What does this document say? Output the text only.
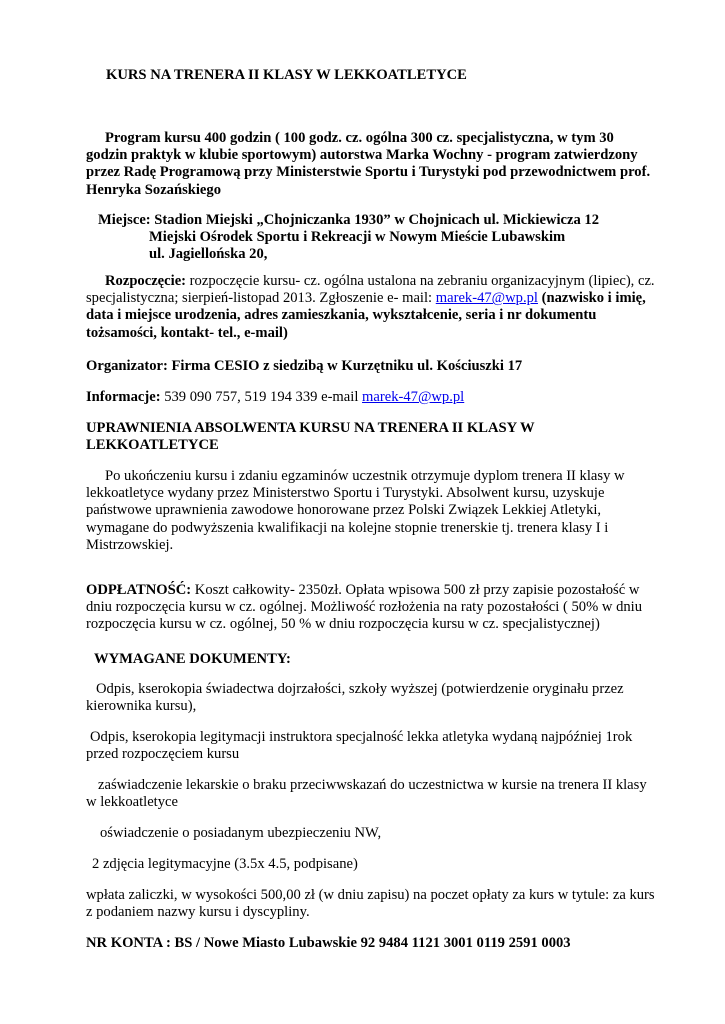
KURS NA TRENERA II KLASY W LEKKOATLETYCE

Program kursu 400 godzin ( 100 godz. cz. ogólna 300 cz. specjalistyczna, w tym 30 godzin praktyk w klubie sportowym) autorstwa Marka Wochny - program zatwierdzony przez Radę Programową przy Ministerstwie Sportu i Turystyki pod przewodnictwem prof. Henryka Sozańskiego

Miejsce: Stadion Miejski „Chojniczanka 1930” w Chojnicach ul. Mickiewicza 12
Miejski Ośrodek Sportu i Rekreacji w Nowym Mieście Lubawskim
ul. Jagiellońska 20,

Rozpoczęcie: rozpoczęcie kursu- cz. ogólna ustalona na zebraniu organizacyjnym (lipiec), cz. specjalistyczna; sierpień-listopad 2013. Zgłoszenie e- mail: marek-47@wp.pl (nazwisko i imię, data i miejsce urodzenia, adres zamieszkania, wykształcenie, seria i nr dokumentu tożsamości, kontakt- tel., e-mail)

Organizator: Firma CESIO z siedzibą w Kurzętniku ul. Kościuszki 17

Informacje: 539 090 757, 519 194 339 e-mail marek-47@wp.pl

UPRAWNIENIA ABSOLWENTA KURSU NA TRENERA II KLASY W LEKKOATLETYCE

Po ukończeniu kursu i zdaniu egzaminów uczestnik otrzymuje dyplom trenera II klasy w lekkoatletyce wydany przez Ministerstwo Sportu i Turystyki. Absolwent kursu, uzyskuje państwowe uprawnienia zawodowe honorowane przez Polski Związek Lekkiej Atletyki, wymagane do podwyższenia kwalifikacji na kolejne stopnie trenerskie tj. trenera klasy I i Mistrzowskiej.

ODPŁATNOŚĆ: Koszt całkowity- 2350zł. Opłata wpisowa 500 zł przy zapisie pozostałość w dniu rozpoczęcia kursu w cz. ogólnej. Możliwość rozłożenia na raty pozostałości ( 50% w dniu rozpoczęcia kursu w cz. ogólnej, 50 % w dniu rozpoczęcia kursu w cz. specjalistycznej)

WYMAGANE DOKUMENTY:

Odpis, kserokopia świadectwa dojrzałości, szkoły wyższej (potwierdzenie oryginału przez kierownika kursu),

Odpis, kserokopia legitymacji instruktora specjalność lekka atletyka wydaną najpóźniej 1rok przed rozpoczęciem kursu

zaświadczenie lekarskie o braku przeciwwskazań do uczestnictwa w kursie na trenera II klasy w lekkoatletyce

oświadczenie o posiadanym ubezpieczeniu NW,

2 zdjęcia legitymacyjne (3.5x 4.5, podpisane)

wpłata zaliczki, w wysokości 500,00 zł (w dniu zapisu) na poczet opłaty za kurs w tytule: za kurs z podaniem nazwy kursu i dyscypliny.

NR KONTA : BS / Nowe Miasto Lubawskie 92 9484 1121 3001 0119 2591 0003
